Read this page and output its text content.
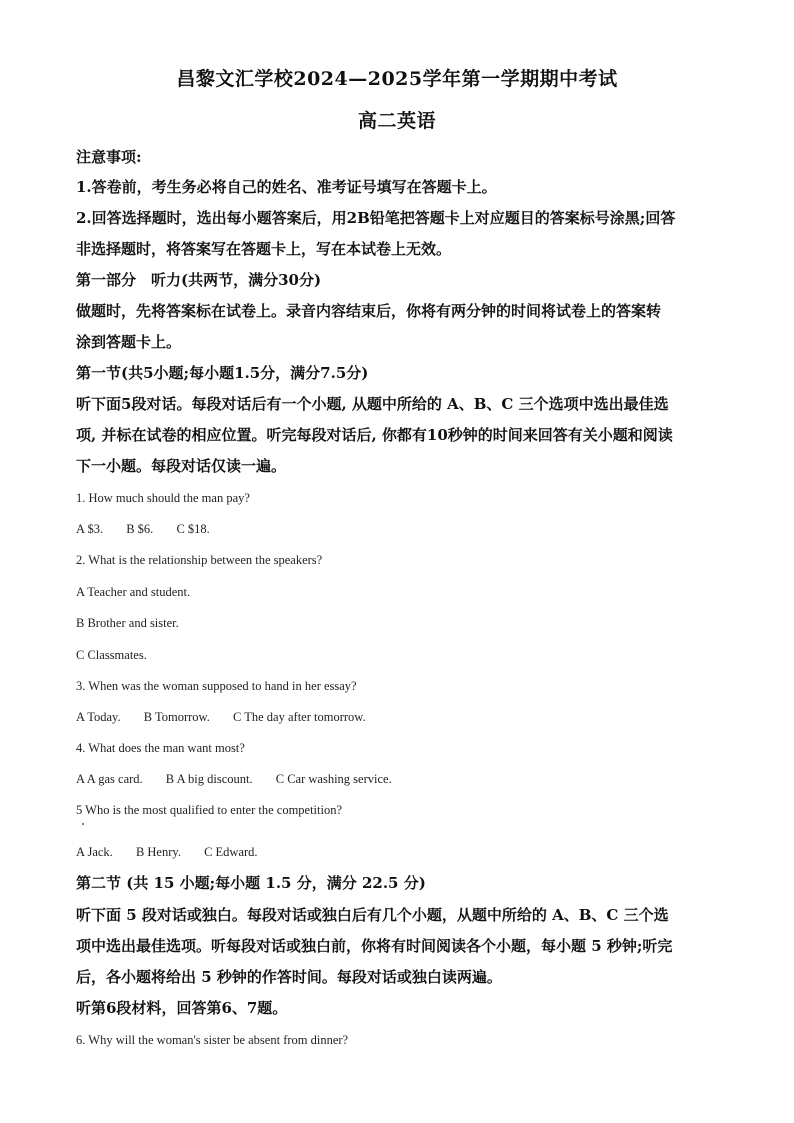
昌黎文汇学校2024—2025学年第一学期期中考试
高二英语
注意事项:
1.答卷前，考生务必将自己的姓名、准考证号填写在答题卡上。
2.回答选择题时，选出每小题答案后，用2B铅笔把答题卡上对应题目的答案标号涂黑;回答
非选择题时，将答案写在答题卡上，写在本试卷上无效。
第一部分　听力(共两节，满分30分)
做题时，先将答案标在试卷上。录音内容结束后，你将有两分钟的时间将试卷上的答案转
涂到答题卡上。
第一节(共5小题;每小题1.5分，满分7.5分)
听下面5段对话。每段对话后有一个小题, 从题中所给的 A、B、C 三个选项中选出最佳选
项, 并标在试卷的相应位置。听完每段对话后, 你都有10秒钟的时间来回答有关小题和阅读
下一小题。每段对话仅读一遍。
1. How much should the man pay?
A $3. B $6. C $18.
2. What is the relationship between the speakers?
A Teacher and student.
B Brother and sister.
C Classmates.
3. When was the woman supposed to hand in her essay?
A Today. B Tomorrow. C The day after tomorrow.
4. What does the man want most?
A A gas card. B A big discount. C Car washing service.
5 Who is the most qualified to enter the competition?
A Jack. B Henry. C Edward.
第二节 (共 15 小题;每小题 1.5 分，满分 22.5 分)
听下面 5 段对话或独白。每段对话或独白后有几个小题，从题中所给的 A、B、C 三个选
项中选出最佳选项。听每段对话或独白前，你将有时间阅读各个小题，每小题 5 秒钟;听完
后，各小题将给出 5 秒钟的作答时间。每段对话或独白读两遍。
听第6段材料，回答第6、7题。
6. Why will the woman's sister be absent from dinner?
